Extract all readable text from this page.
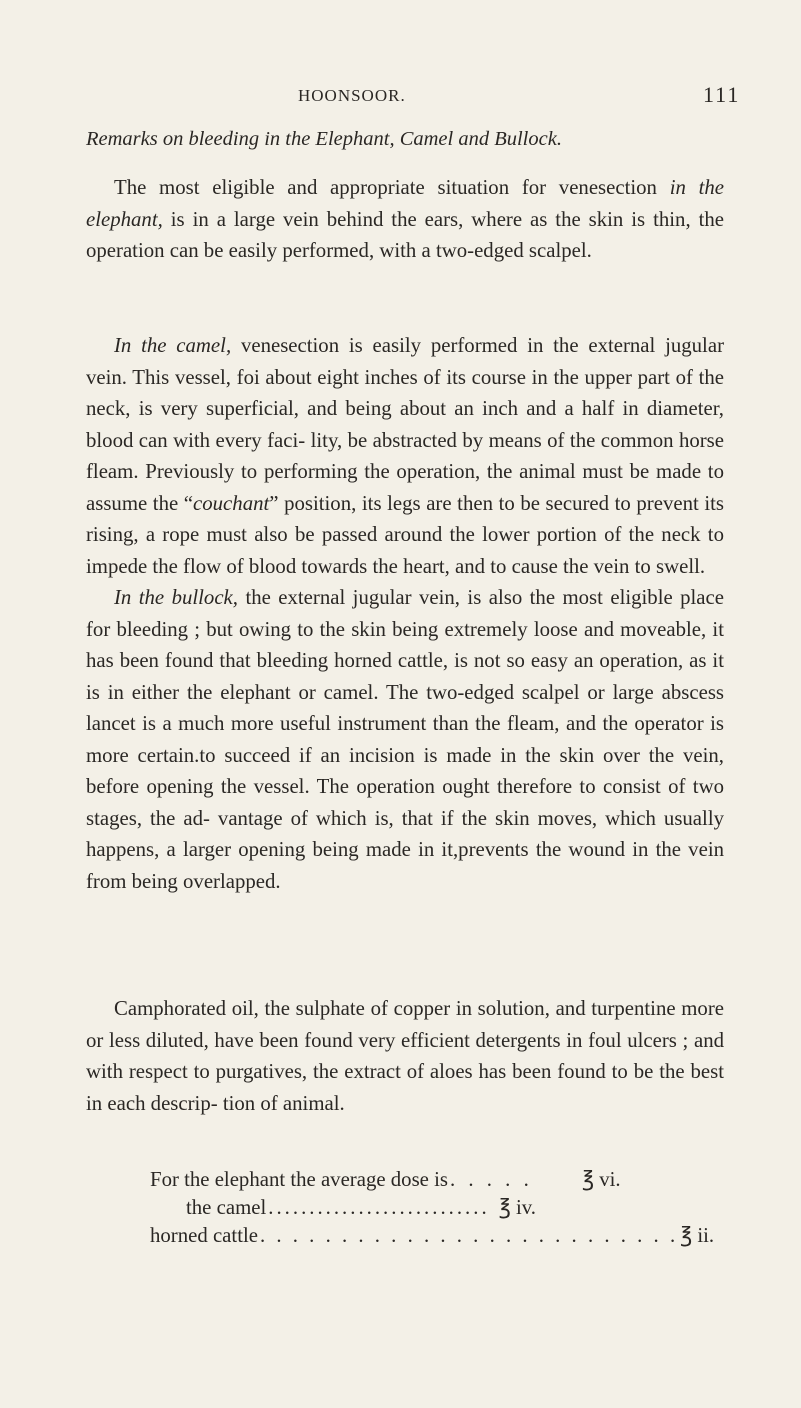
HOONSOOR.	111
Remarks on bleeding in the Elephant, Camel and Bullock.
The most eligible and appropriate situation for venesection in the elephant, is in a large vein behind the ears, where as the skin is thin, the operation can be easily performed, with a two-edged scalpel.
In the camel, venesection is easily performed in the external jugular vein. This vessel, foi about eight inches of its course in the upper part of the neck, is very superficial, and being about an inch and a half in diameter, blood can with every faci- lity, be abstracted by means of the common horse fleam. Previously to performing the operation, the animal must be made to assume the “couchant” position, its legs are then to be secured to prevent its rising, a rope must also be passed around the lower portion of the neck to impede the flow of blood towards the heart, and to cause the vein to swell.
In the bullock, the external jugular vein, is also the most eligible place for bleeding ; but owing to the skin being extremely loose and moveable, it has been found that bleeding horned cattle, is not so easy an operation, as it is in either the elephant or camel. The two-edged scalpel or large abscess lancet is a much more useful instrument than the fleam, and the operator is more certain.to succeed if an incision is made in the skin over the vein, before opening the vessel. The operation ought therefore to consist of two stages, the ad- vantage of which is, that if the skin moves, which usually happens, a larger opening being made in it,prevents the wound in the vein from being overlapped.
Camphorated oil, the sulphate of copper in solution, and turpentine more or less diluted, have been found very efficient detergents in foul ulcers ; and with respect to purgatives, the extract of aloes has been found to be the best in each descrip- tion of animal.
For the elephant the average dose is . . . . .	℥ vi.
the camel ........................... ℥ iv.
horned cattle . . . . . . . . . . . . . . . . . . . . . . . . . . ℥ ii.
